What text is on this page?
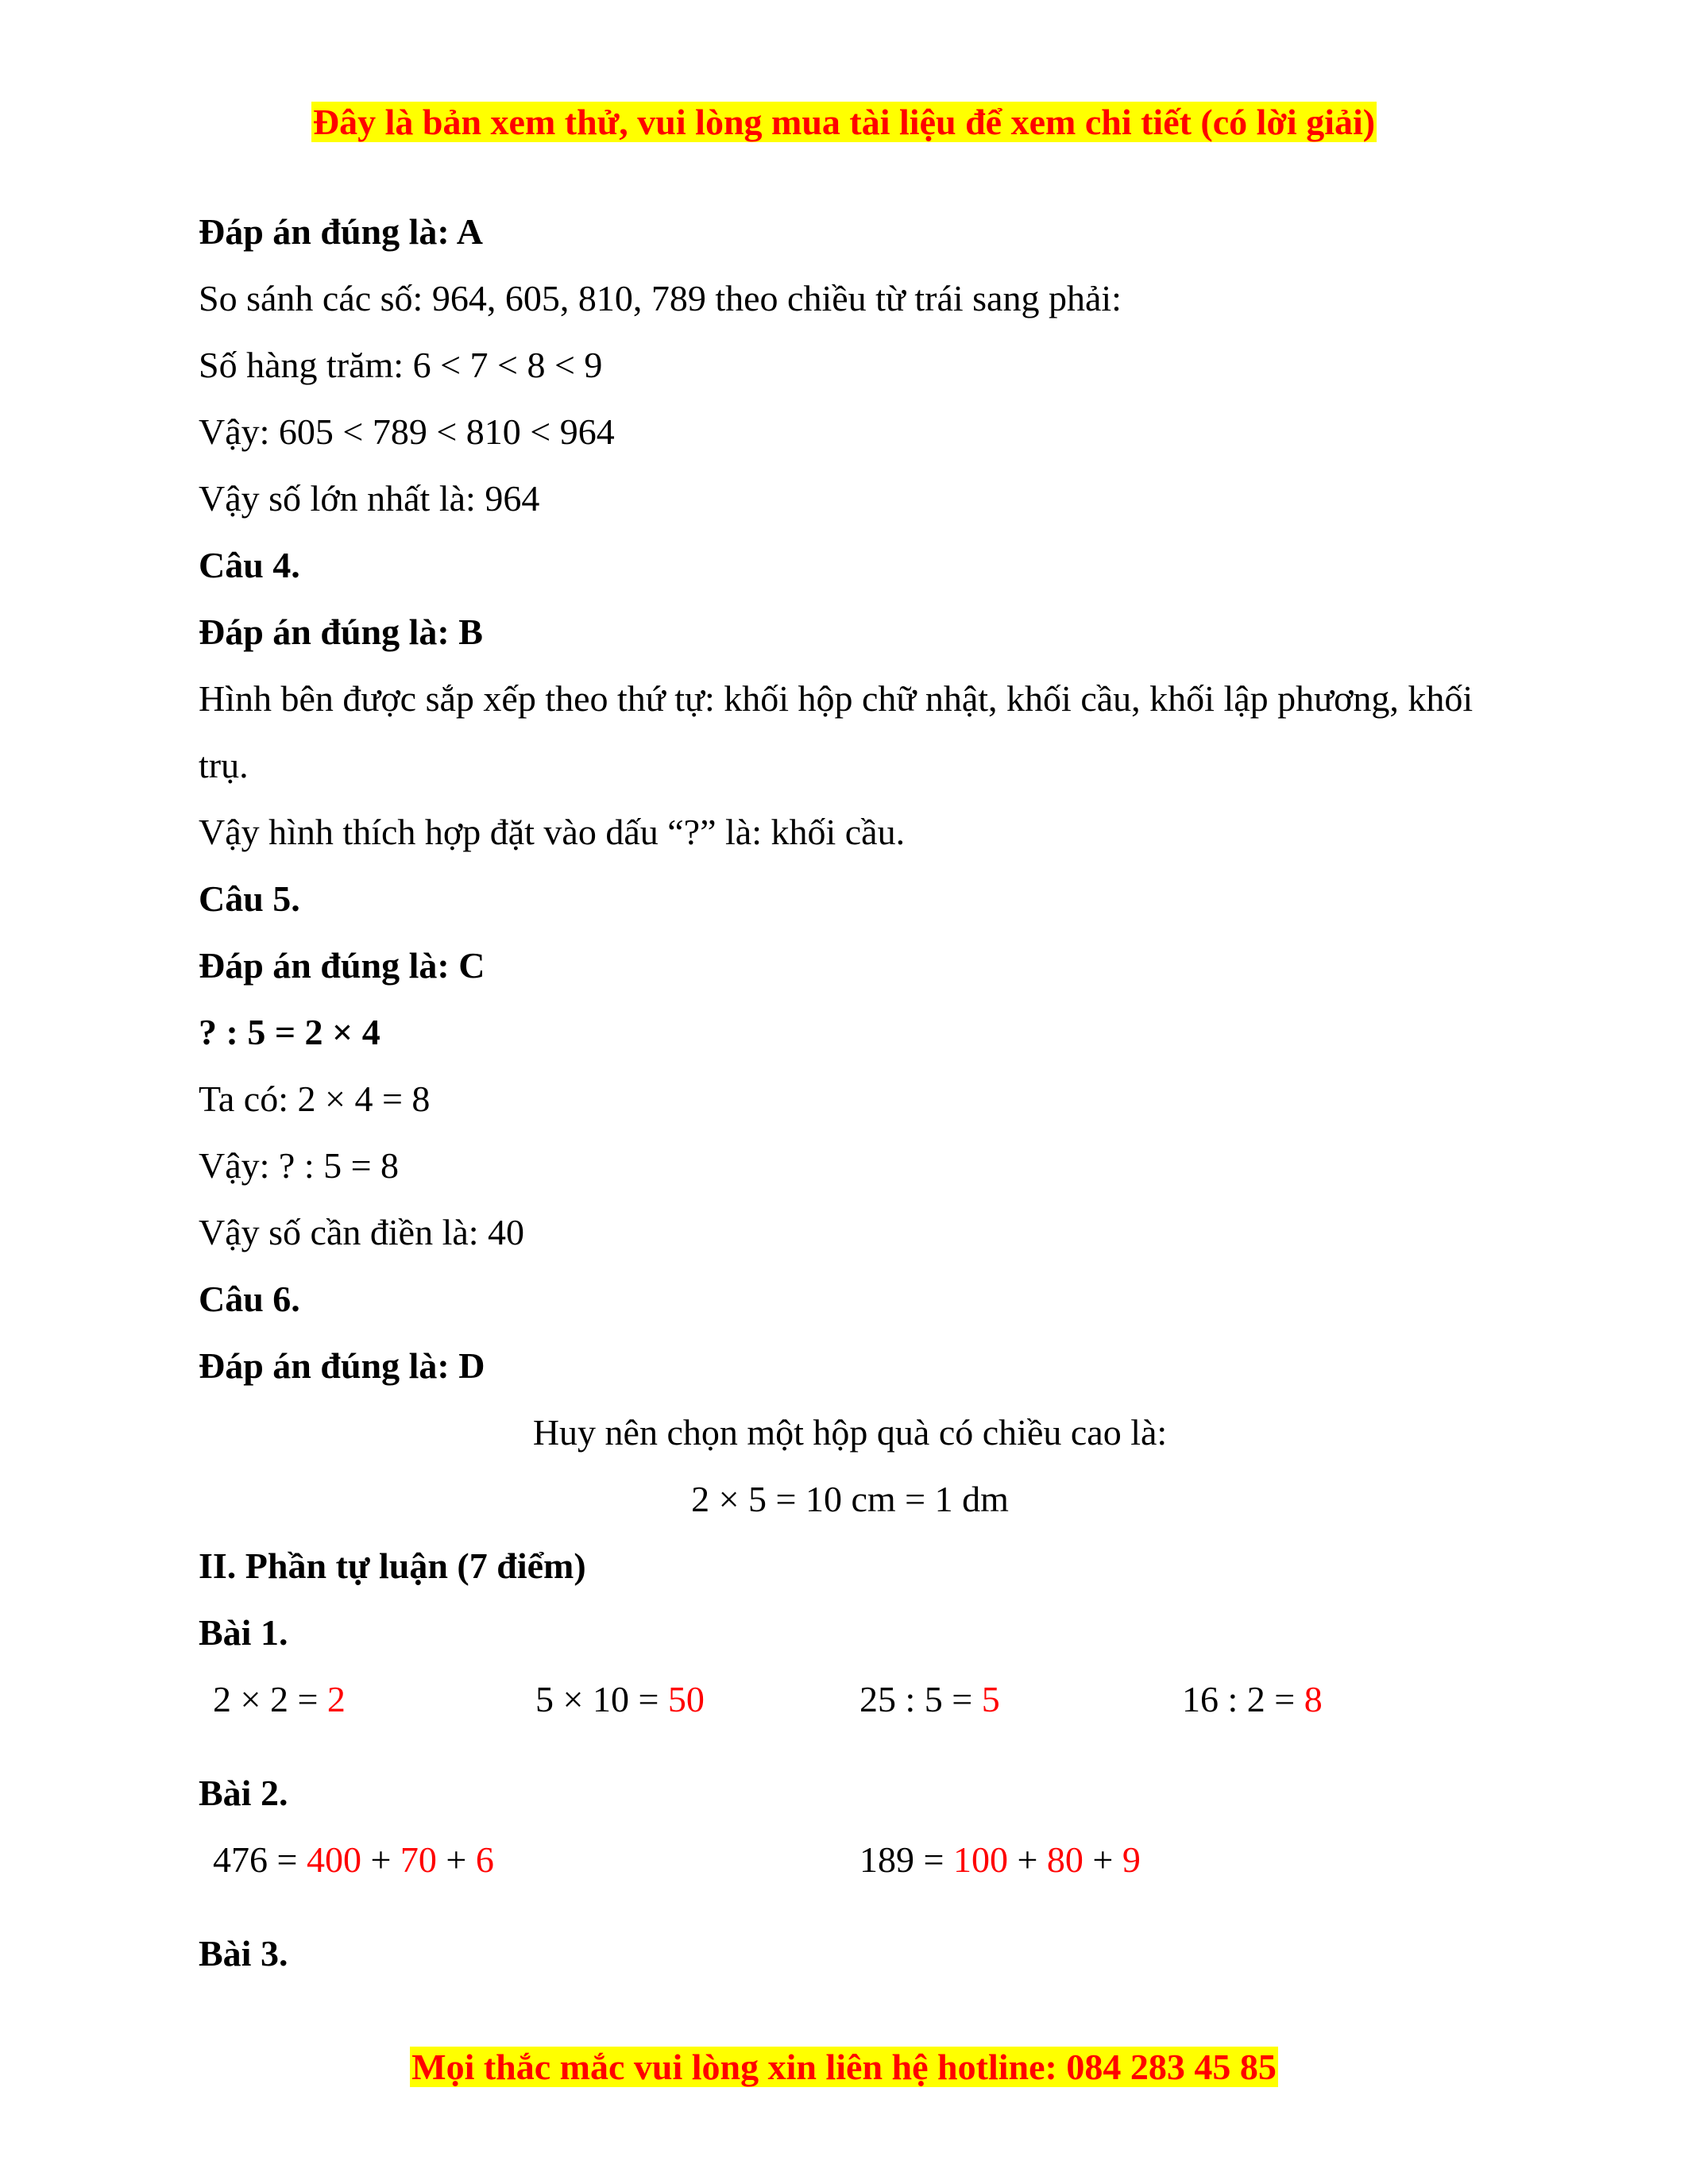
Đây là bản xem thử, vui lòng mua tài liệu để xem chi tiết (có lời giải)
Đáp án đúng là: A
So sánh các số: 964, 605, 810, 789 theo chiều từ trái sang phải:
Số hàng trăm: 6 < 7 < 8 < 9
Vậy: 605 < 789 < 810 < 964
Vậy số lớn nhất là: 964
Câu 4.
Đáp án đúng là: B
Hình bên được sắp xếp theo thứ tự: khối hộp chữ nhật, khối cầu, khối lập phương, khối trụ.
Vậy hình thích hợp đặt vào dấu “?” là: khối cầu.
Câu 5.
Đáp án đúng là: C
? : 5 = 2 × 4
Ta có: 2 × 4 = 8
Vậy: ? : 5 = 8
Vậy số cần điền là: 40
Câu 6.
Đáp án đúng là: D
Huy nên chọn một hộp quà có chiều cao là:
2 × 5 = 10 cm = 1 dm
II. Phần tự luận (7 điểm)
Bài 1.
2 × 2 = 2	5 × 10 = 50	25 : 5 = 5	16 : 2 = 8
Bài 2.
476 = 400 + 70 + 6	189 = 100 + 80 + 9
Bài 3.
Mọi thắc mắc vui lòng xin liên hệ hotline: 084 283 45 85
